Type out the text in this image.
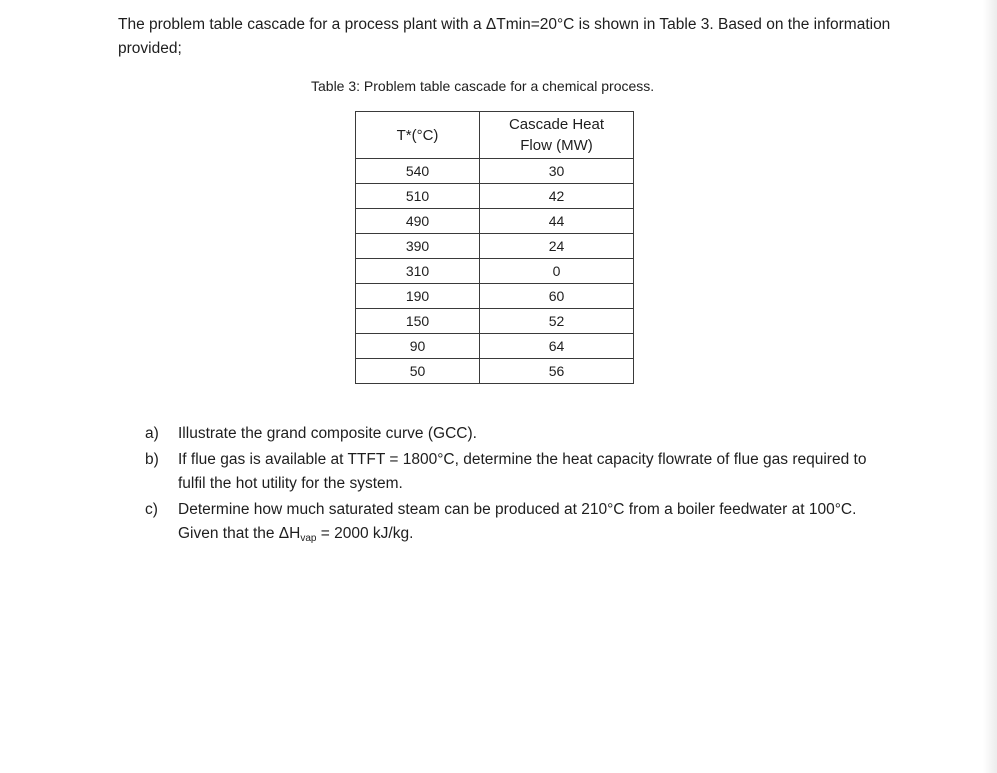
The problem table cascade for a process plant with a ΔTmin=20°C is shown in Table 3. Based on the information provided;

Table 3: Problem table cascade for a chemical process.

T*(°C)	Cascade Heat
Flow (MW)

540	30
510	42
490	44
390	24
310	0
190	60
150	52
90	64
50	56
a) Illustrate the grand composite curve (GCC).
b) If flue gas is available at TTFT = 1800°C, determine the heat capacity flowrate of flue gas required to fulfil the hot utility for the system.
c) Determine how much saturated steam can be produced at 210°C from a boiler feedwater at 100°C. Given that the $\Delta H_{vap} = 2000$ kJ/kg.
